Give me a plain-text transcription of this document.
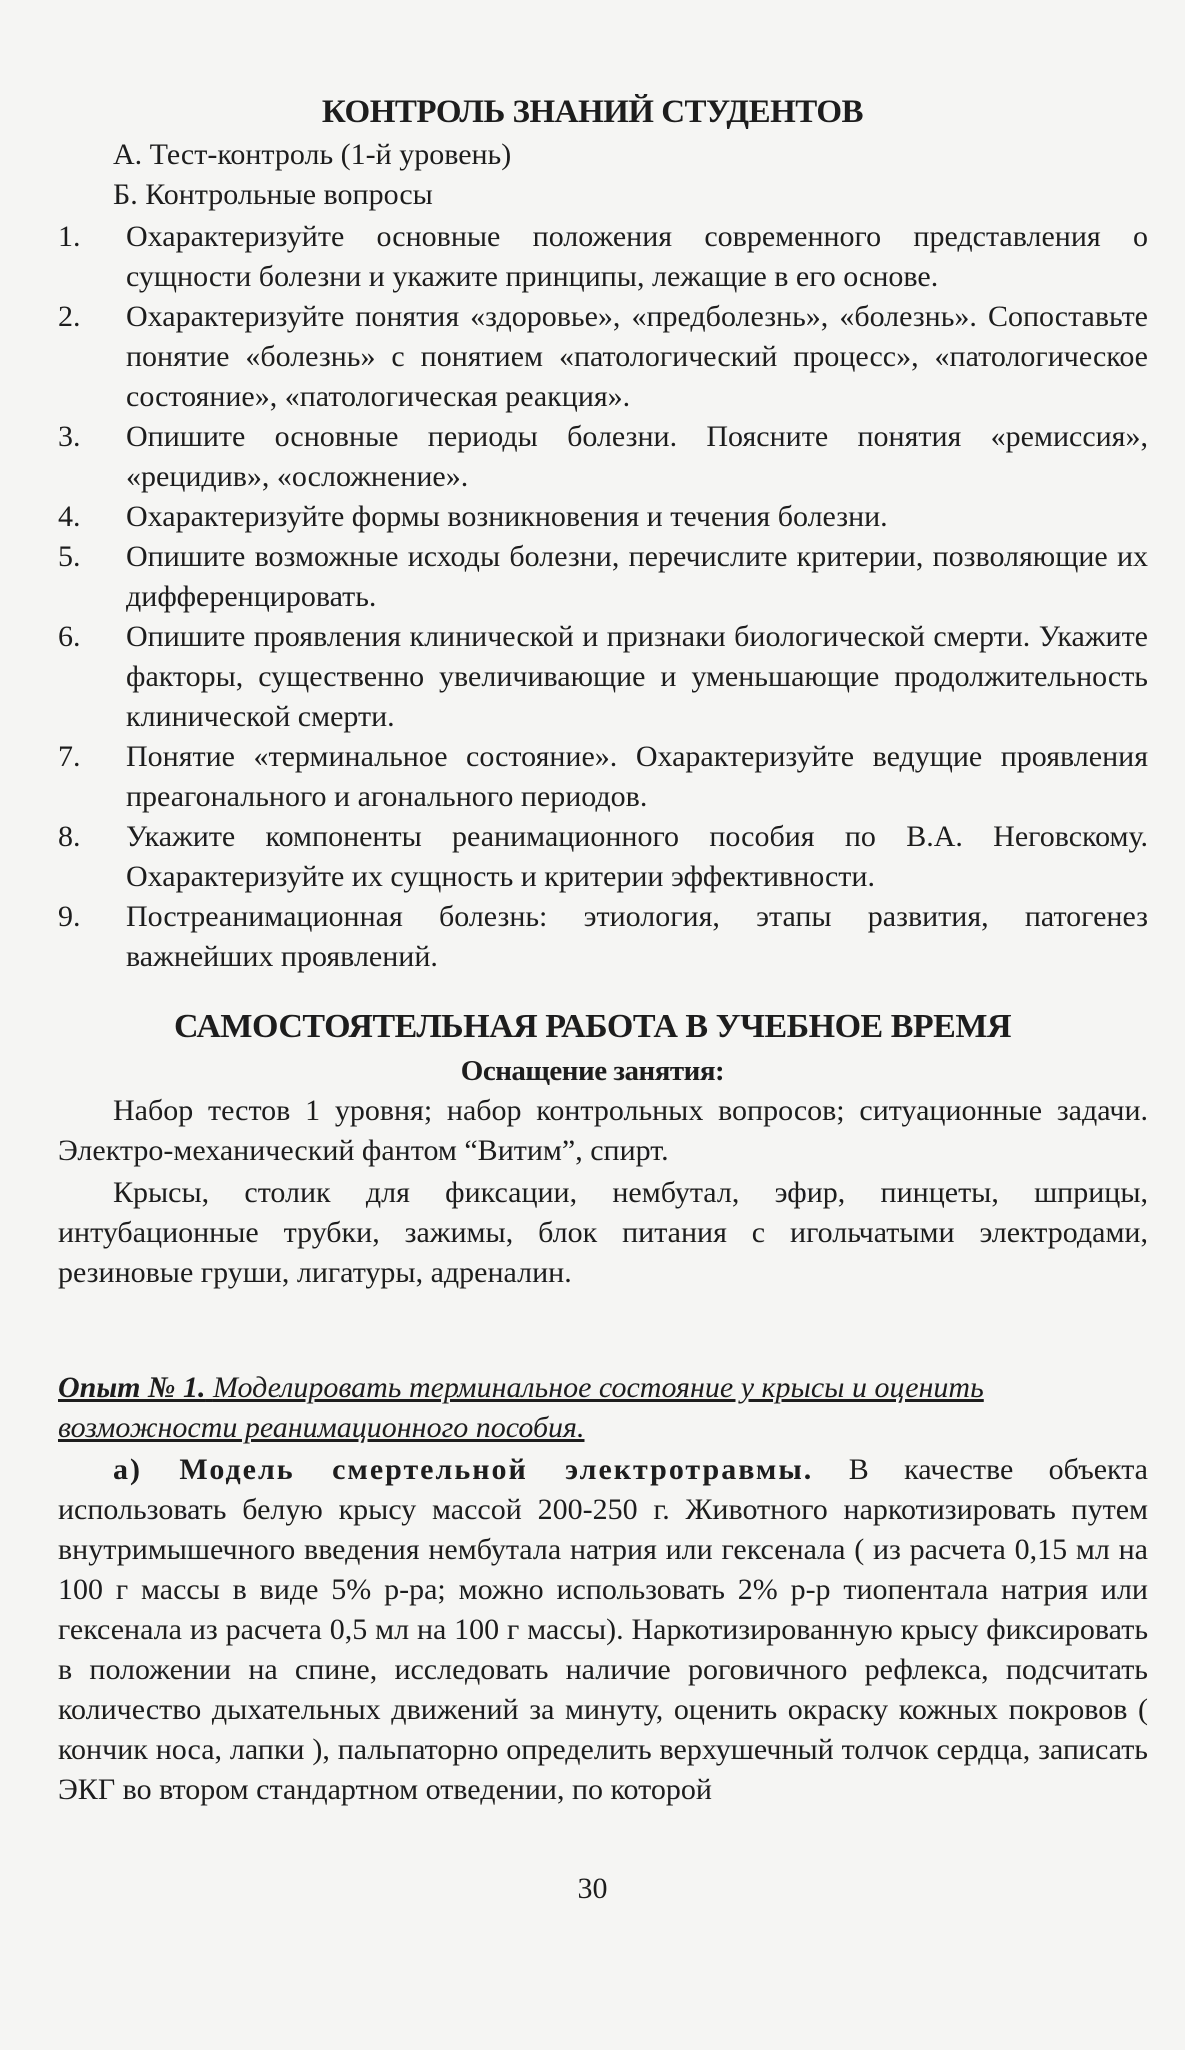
КОНТРОЛЬ ЗНАНИЙ СТУДЕНТОВ

А. Тест-контроль (1-й уровень)

Б. Контрольные вопросы

1.	Охарактеризуйте основные положения современного представления о сущности болезни и укажите принципы, лежащие в его основе.
2.	Охарактеризуйте понятия «здоровье», «предболезнь», «болезнь». Сопоставьте понятие «болезнь» с понятием «патологический процесс», «патологическое состояние», «патологическая реакция».
3.	Опишите основные периоды болезни. Поясните понятия «ремиссия», «рецидив», «осложнение».
4.	Охарактеризуйте формы возникновения и течения болезни.
5.	Опишите возможные исходы болезни, перечислите критерии, позволяющие их дифференцировать.
6.	Опишите проявления клинической и признаки биологической смерти. Укажите факторы, существенно увеличивающие и уменьшающие продолжительность клинической смерти.
7.	Понятие «терминальное состояние». Охарактеризуйте ведущие проявления преагонального и агонального периодов.
8.	Укажите компоненты реанимационного пособия по В.А. Неговскому. Охарактеризуйте их сущность и критерии эффективности.
9.	Постреанимационная болезнь: этиология, этапы развития, патогенез важнейших проявлений.
САМОСТОЯТЕЛЬНАЯ РАБОТА В УЧЕБНОЕ ВРЕМЯ
Оснащение занятия:

Набор тестов 1 уровня; набор контрольных вопросов; ситуационные задачи. Электро-механический фантом “Витим”, спирт.

Крысы, столик для фиксации, нембутал, эфир, пинцеты, шприцы, интубационные трубки, зажимы, блок питания с игольчатыми электродами, резиновые груши, лигатуры, адреналин.

Опыт № 1. Моделировать терминальное состояние у крысы и оценить возможности реанимационного пособия.

а) Модель смертельной электротравмы. В качестве объекта использовать белую крысу массой 200-250 г. Животного наркотизировать путем внутримышечного введения нембутала натрия или гексенала ( из расчета 0,15 мл на 100 г массы в виде 5% р-ра; можно использовать 2% р-р тиопентала натрия или гексенала из расчета 0,5 мл на 100 г массы). Наркотизированную крысу фиксировать в положении на спине, исследовать наличие роговичного рефлекса, подсчитать количество дыхательных движений за минуту, оценить окраску кожных покровов ( кончик носа, лапки ), пальпаторно определить верхушечный толчок сердца, записать ЭКГ во втором стандартном отведении, по которой

30
